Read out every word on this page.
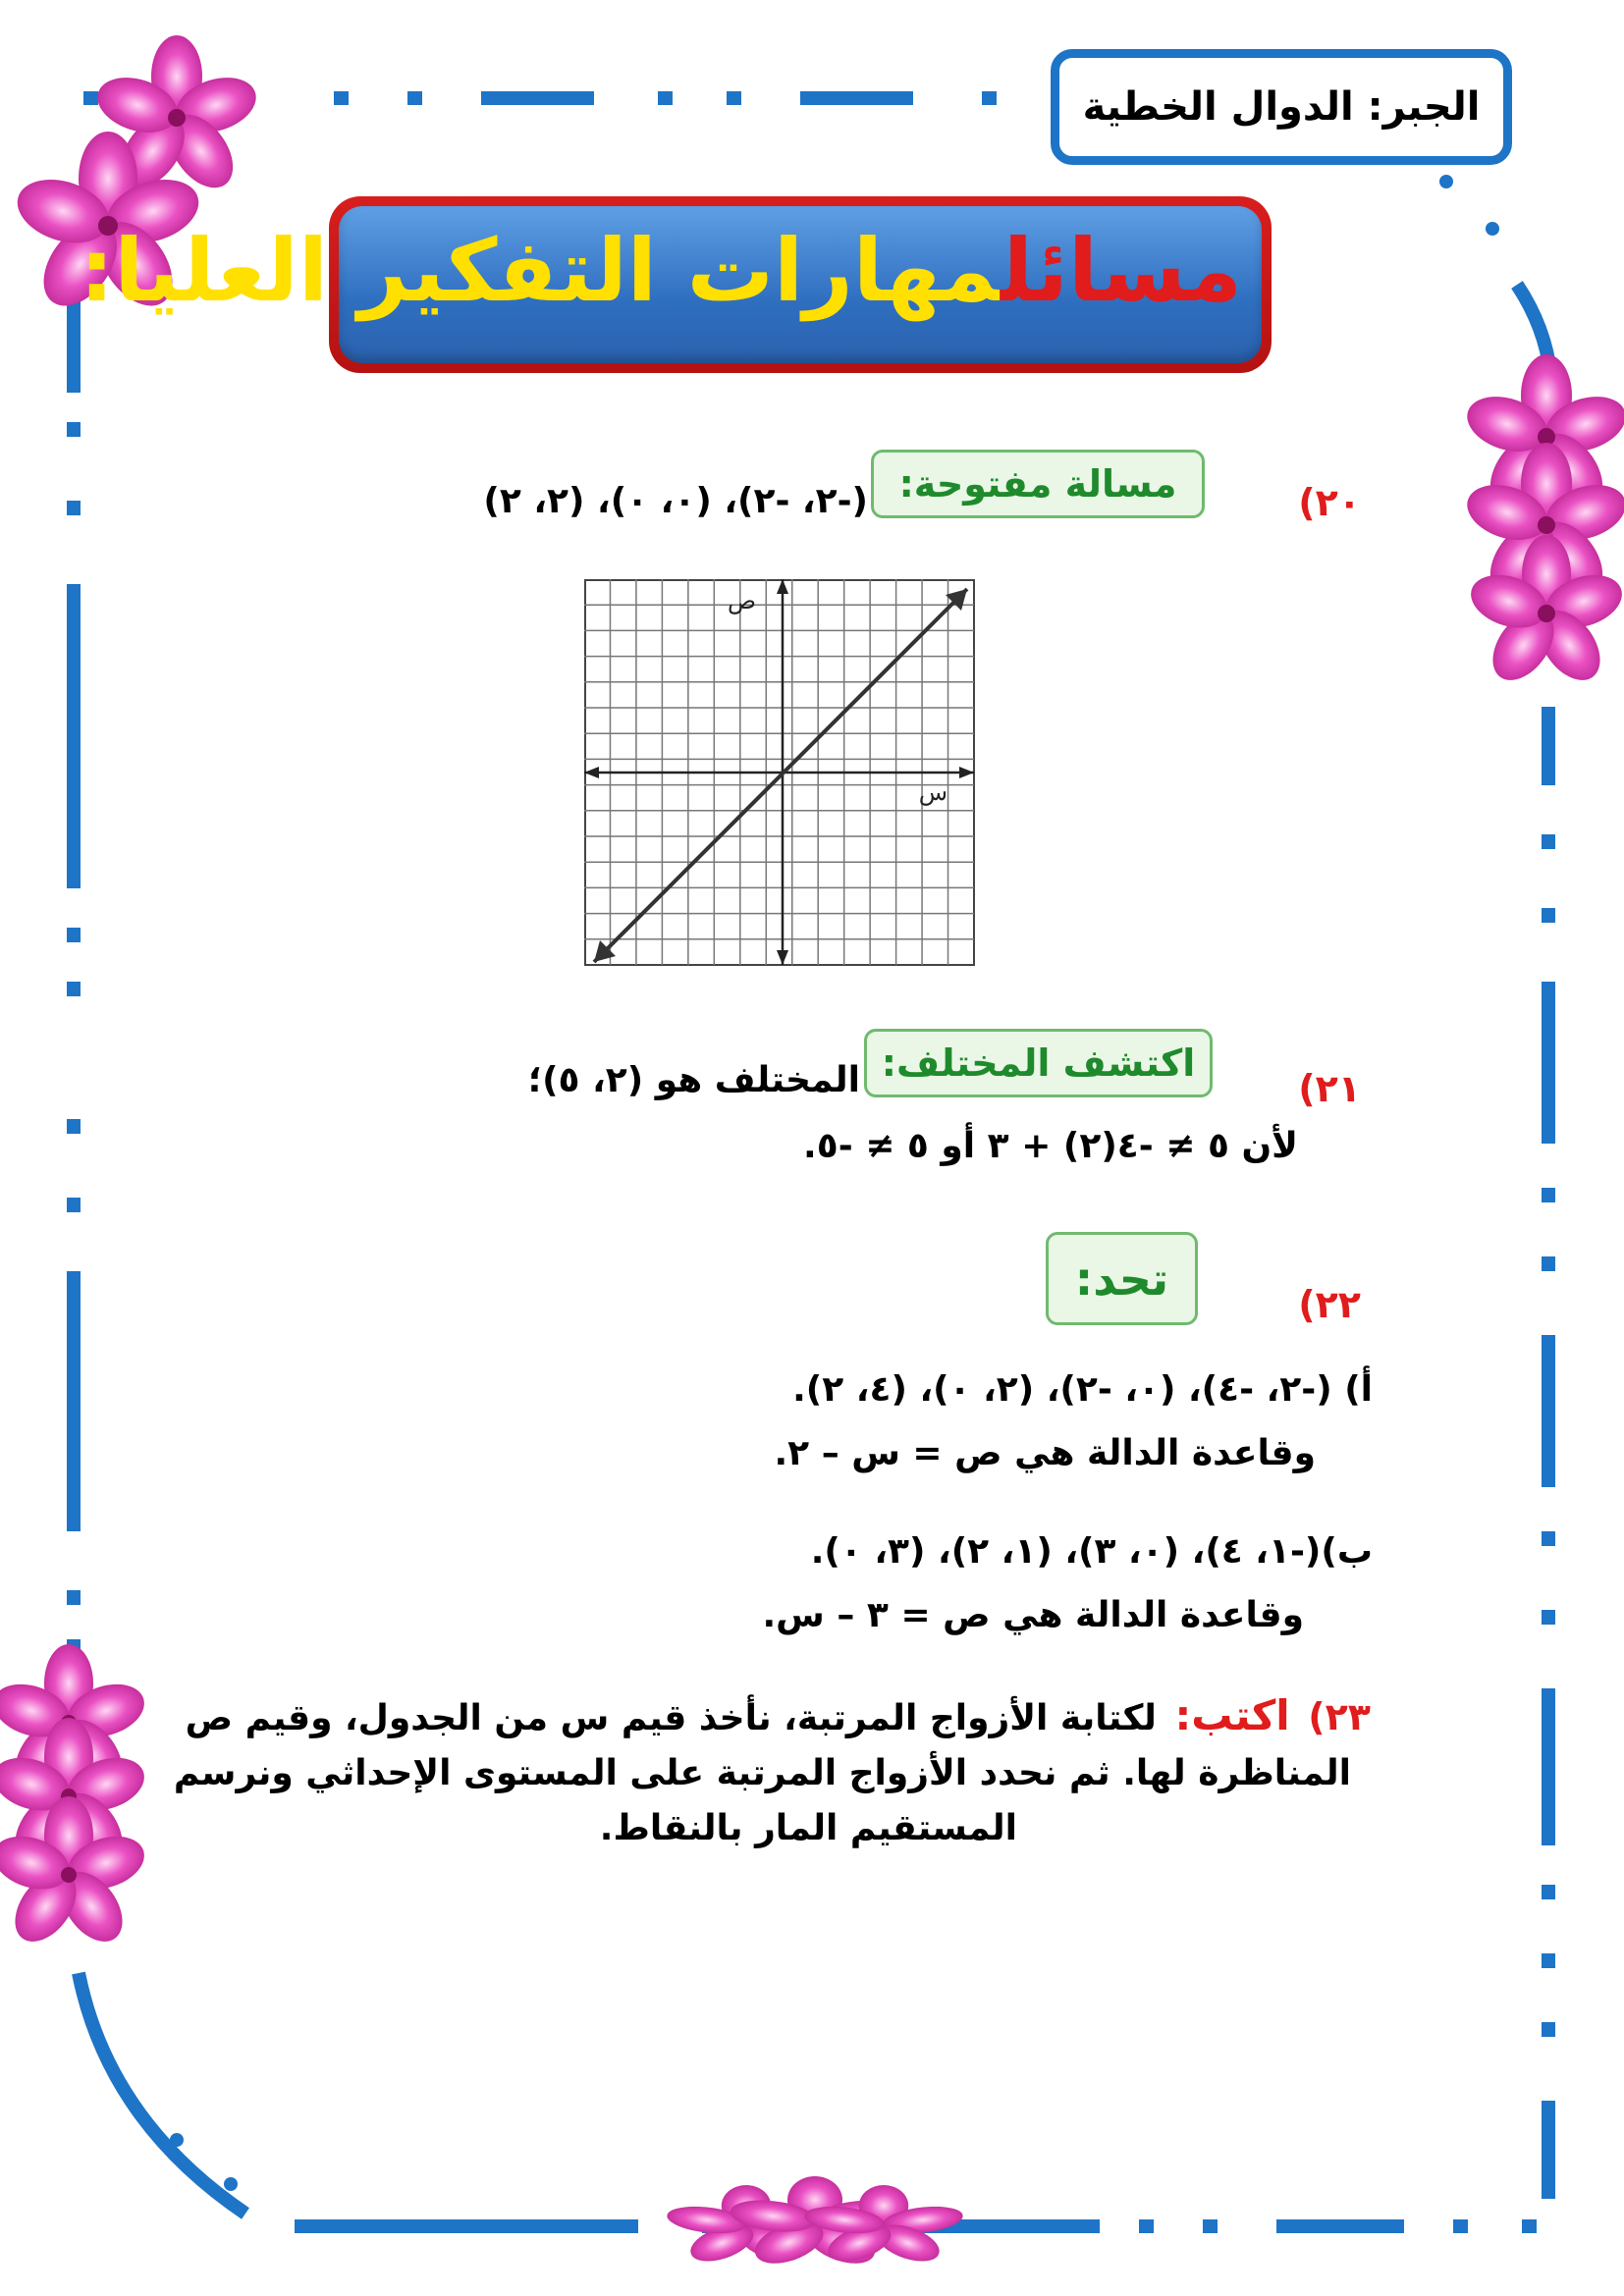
الجبر: الدوال الخطية
مسائلمهارات التفكير العليا:
٢٠)
مسالة مفتوحة:
(-٢، -٢)، (٠، ٠)، (٢، ٢)
ص
س
٢١)
اكتشف المختلف:
المختلف هو (٢، ٥)؛
لأن ٥ ≠ -٤(٢) + ٣ أو ٥ ≠ -٥.
تحد:	٢٢)
أ) (-٢، -٤)، (٠، -٢)، (٢، ٠)، (٤، ٢).
وقاعدة الدالة هي ص = س – ٢.
ب)(-١، ٤)، (٠، ٣)، (١، ٢)، (٣، ٠).
وقاعدة الدالة هي ص = ٣ – س.
٢٣) اكتب: لكتابة الأزواج المرتبة، نأخذ قيم س من الجدول، وقيم ص
المناظرة لها. ثم نحدد الأزواج المرتبة على المستوى الإحداثي ونرسم
المستقيم المار بالنقاط.
